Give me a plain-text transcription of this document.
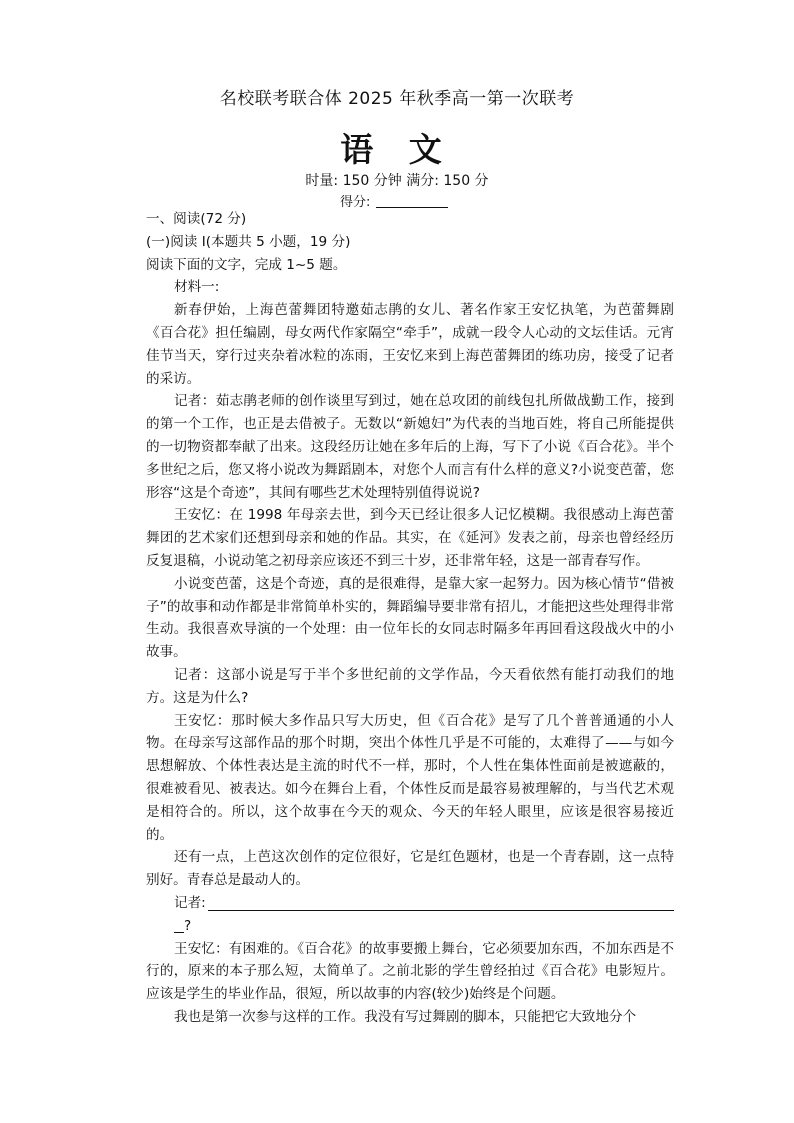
名校联考联合体 2025 年秋季高一第一次联考
语 文
时量: 150 分钟 满分: 150 分
得分:

一、阅读(72 分)

(一)阅读 I(本题共 5 小题，19 分)

阅读下面的文字，完成 1~5 题。

材料一:

新春伊始，上海芭蕾舞团特邀茹志鹃的女儿、著名作家王安忆执笔，为芭蕾舞剧《百合花》担任编剧，母女两代作家隔空“牵手”，成就一段令人心动的文坛佳话。元宵佳节当天，穿行过夹杂着冰粒的冻雨，王安忆来到上海芭蕾舞团的练功房，接受了记者的采访。

记者：茹志鹃老师的创作谈里写到过，她在总攻团的前线包扎所做战勤工作，接到的第一个工作，也正是去借被子。无数以“新媳妇”为代表的当地百姓，将自己所能提供的一切物资都奉献了出来。这段经历让她在多年后的上海，写下了小说《百合花》。半个多世纪之后，您又将小说改为舞蹈剧本，对您个人而言有什么样的意义?小说变芭蕾，您形容“这是个奇迹”，其间有哪些艺术处理特别值得说说?

王安忆：在 1998 年母亲去世，到今天已经让很多人记忆模糊。我很感动上海芭蕾舞团的艺术家们还想到母亲和她的作品。其实，在《延河》发表之前，母亲也曾经经历反复退稿，小说动笔之初母亲应该还不到三十岁，还非常年轻，这是一部青春写作。

小说变芭蕾，这是个奇迹，真的是很难得，是靠大家一起努力。因为核心情节“借被子”的故事和动作都是非常简单朴实的，舞蹈编导要非常有招儿，才能把这些处理得非常生动。我很喜欢导演的一个处理：由一位年长的女同志时隔多年再回看这段战火中的小故事。

记者：这部小说是写于半个多世纪前的文学作品，今天看依然有能打动我们的地方。这是为什么?

王安忆：那时候大多作品只写大历史，但《百合花》是写了几个普普通通的小人物。在母亲写这部作品的那个时期，突出个体性几乎是不可能的，太难得了——与如今思想解放、个体性表达是主流的时代不一样，那时，个人性在集体性面前是被遮蔽的，很难被看见、被表达。如今在舞台上看，个体性反而是最容易被理解的，与当代艺术观是相符合的。所以，这个故事在今天的观众、今天的年轻人眼里，应该是很容易接近的。

还有一点，上芭这次创作的定位很好，它是红色题材，也是一个青春剧，这一点特别好。青春总是最动人的。

记者:
?

王安忆：有困难的。《百合花》的故事要搬上舞台，它必须要加东西，不加东西是不行的，原来的本子那么短，太简单了。之前北影的学生曾经拍过《百合花》电影短片。应该是学生的毕业作品，很短，所以故事的内容(较少)始终是个问题。

我也是第一次参与这样的工作。我没有写过舞剧的脚本，只能把它大致地分个
